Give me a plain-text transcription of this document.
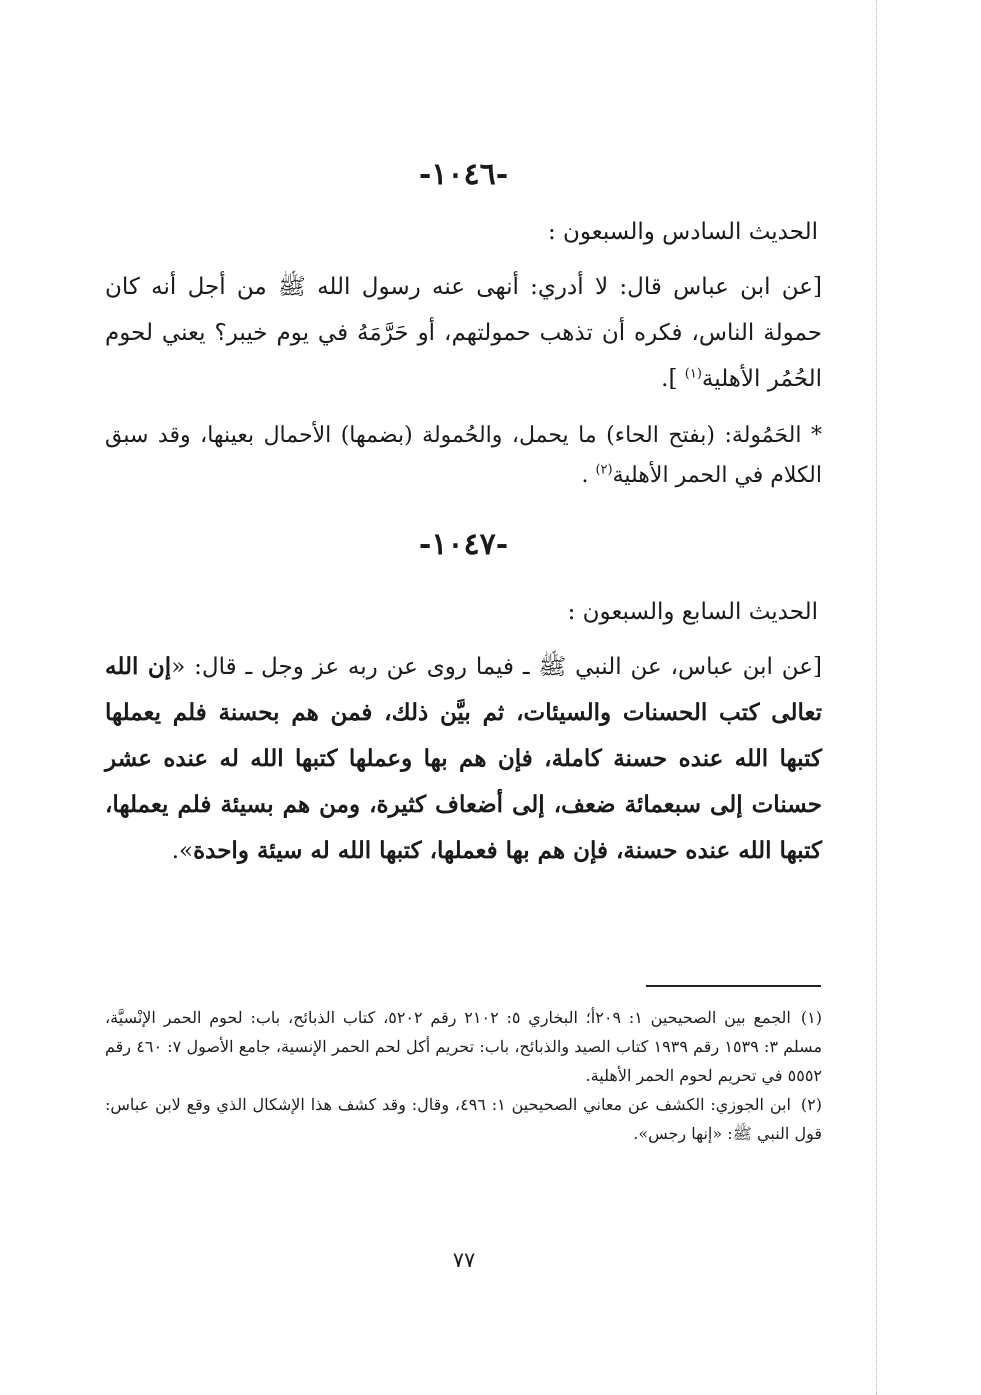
-١٠٤٦-

الحديث السادس والسبعون :

[عن ابن عباس قال: لا أدري: أنهى عنه رسول الله ﷺ من أجل أنه كان حمولة الناس، فكره أن تذهب حمولتهم، أو حَرَّمَهُ في يوم خيبر؟ يعني لحوم الحُمُر الأهلية$^{(١)}$ ].

* الحَمُولة: (بفتح الحاء) ما يحمل، والحُمولة (بضمها) الأحمال بعينها، وقد سبق الكلام في الحمر الأهلية$^{(٢)}$ .

-١٠٤٧-

الحديث السابع والسبعون :

[عن ابن عباس، عن النبي ﷺ ـ فيما روى عن ربه عز وجل ـ قال: «إن الله تعالى كتب الحسنات والسيئات، ثم بيَّن ذلك، فمن هم بحسنة فلم يعملها كتبها الله عنده حسنة كاملة، فإن هم بها وعملها كتبها الله له عنده عشر حسنات إلى سبعمائة ضعف، إلى أضعاف كثيرة، ومن هم بسيئة فلم يعملها، كتبها الله عنده حسنة، فإن هم بها فعملها، كتبها الله له سيئة واحدة».

(١)الجمع بين الصحيحين ١: ٢٠٩أ؛ البخاري ٥: ٢١٠٢ رقم ٥٢٠٢، كتاب الذبائح، باب: لحوم الحمر الإنْسيَّة، مسلم ٣: ١٥٣٩ رقم ١٩٣٩ كتاب الصيد والذبائح، باب: تحريم أكل لحم الحمر الإنسية، جامع الأصول ٧: ٤٦٠ رقم ٥٥٥٢ في تحريم لحوم الحمر الأهلية.

(٢)ابن الجوزي: الكشف عن معاني الصحيحين ١: ٤٩٦، وقال: وقد كشف هذا الإشكال الذي وقع لابن عباس: قول النبي ﷺ: «إنها رجس».

٧٧
